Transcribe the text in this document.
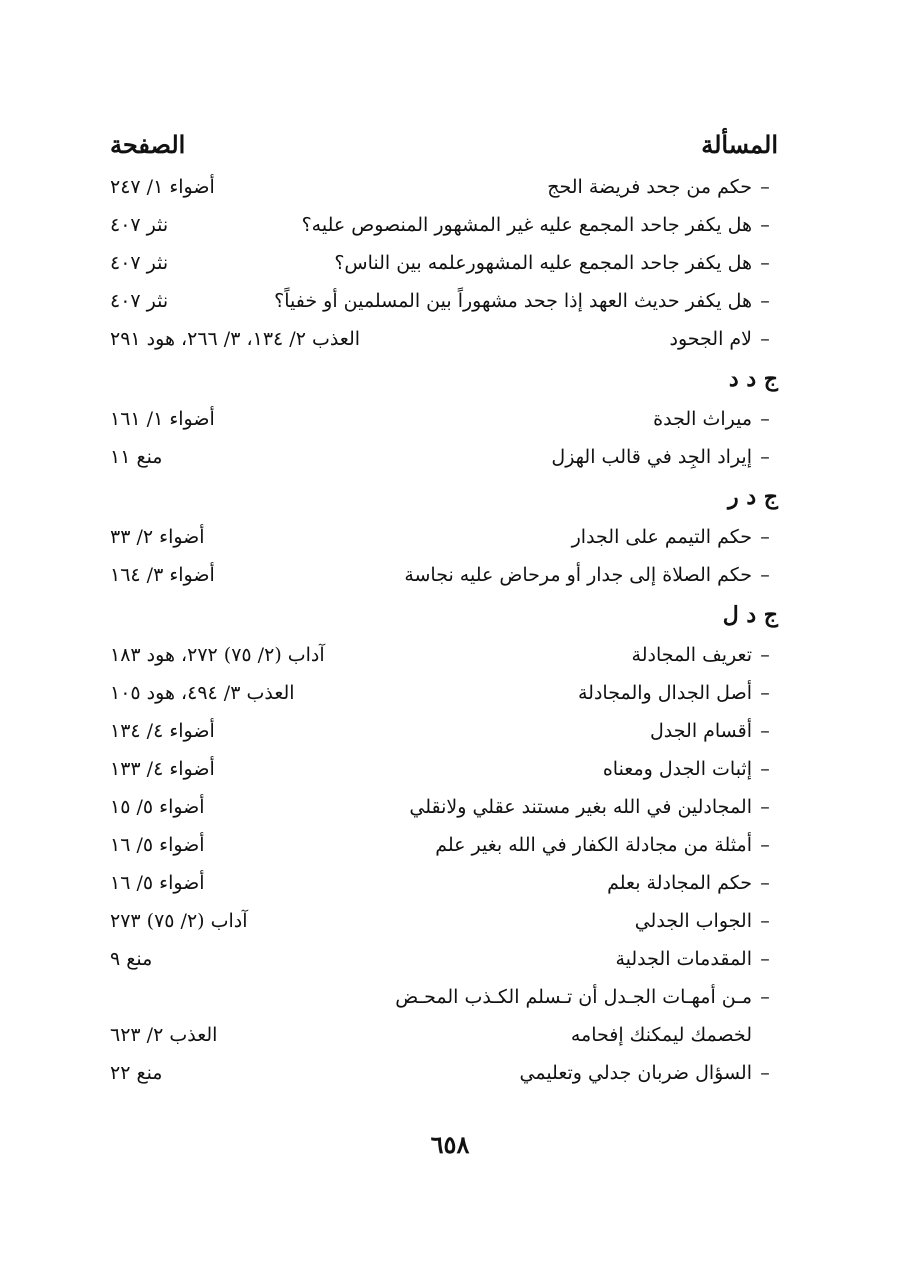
المسألة
الصفحة
–
حكم من جحد فريضة الحج
أضواء ١/ ٢٤٧
–
هل يكفر جاحد المجمع عليه غير المشهور المنصوص عليه؟
نثر ٤٠٧
–
هل يكفر جاحد المجمع عليه المشهورعلمه بين الناس؟
نثر ٤٠٧
–
هل يكفر حديث العهد إذا جحد مشهوراً بين المسلمين أو خفياً؟
نثر ٤٠٧
–
لام الجحود
العذب ٢/ ١٣٤، ٣/ ٢٦٦، هود ٢٩١
ج د د
–
ميراث الجدة
أضواء ١/ ١٦١
–
إيراد الجِد في قالب الهزل
منع ١١
ج د ر
–
حكم التيمم على الجدار
أضواء ٢/ ٣٣
–
حكم الصلاة إلى جدار أو مرحاض عليه نجاسة
أضواء ٣/ ١٦٤
ج د ل
–
تعريف المجادلة
آداب (٢/ ٧٥) ٢٧٢، هود ١٨٣
–
أصل الجدال والمجادلة
العذب ٣/ ٤٩٤، هود ١٠٥
–
أقسام الجدل
أضواء ٤/ ١٣٤
–
إثبات الجدل ومعناه
أضواء ٤/ ١٣٣
–
المجادلين في الله بغير مستند عقلي ولانقلي
أضواء ٥/ ١٥
–
أمثلة من مجادلة الكفار في الله بغير علم
أضواء ٥/ ١٦
–
حكم المجادلة بعلم
أضواء ٥/ ١٦
–
الجواب الجدلي
آداب (٢/ ٧٥) ٢٧٣
–
المقدمات الجدلية
منع ٩
–
مـن أمهـات الجـدل أن تـسلم الكـذب المحـض
لخصمك ليمكنك إفحامه
العذب ٢/ ٦٢٣
–
السؤال ضربان جدلي وتعليمي
منع ٢٢
٦٥٨
